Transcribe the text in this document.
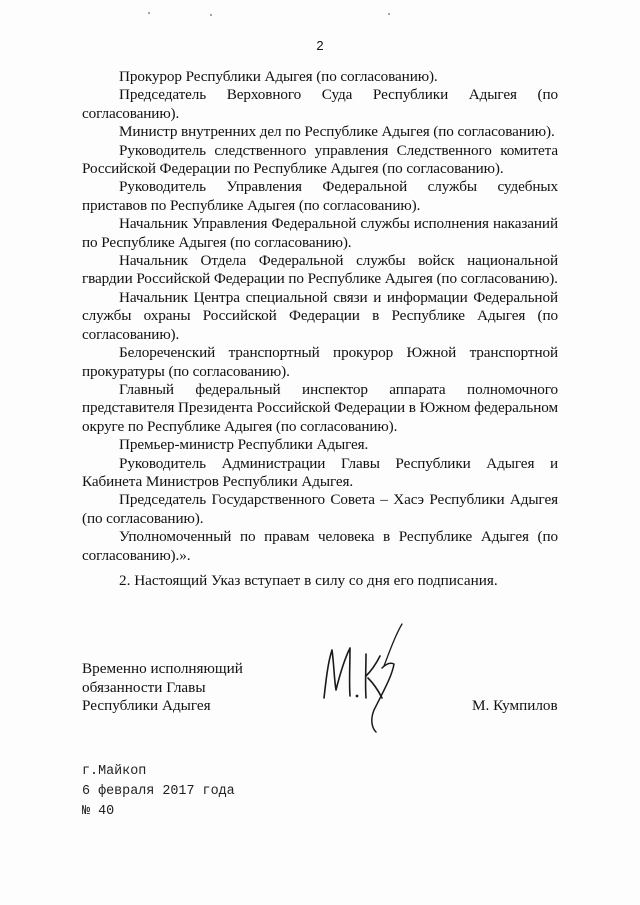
2

Прокурор Республики Адыгея (по согласованию).

Председатель Верховного Суда Республики Адыгея (по согласованию).

Министр внутренних дел по Республике Адыгея (по согласованию).

Руководитель следственного управления Следственного комитета Российской Федерации по Республике Адыгея (по согласованию).

Руководитель Управления Федеральной службы судебных приставов по Республике Адыгея (по согласованию).

Начальник Управления Федеральной службы исполнения наказаний по Республике Адыгея (по согласованию).

Начальник Отдела Федеральной службы войск национальной гвардии Российской Федерации по Республике Адыгея (по согласованию).

Начальник Центра специальной связи и информации Федеральной службы охраны Российской Федерации в Республике Адыгея (по согласованию).

Белореченский транспортный прокурор Южной транспортной прокуратуры (по согласованию).

Главный федеральный инспектор аппарата полномочного представителя Президента Российской Федерации в Южном федеральном округе по Республике Адыгея (по согласованию).

Премьер-министр Республики Адыгея.

Руководитель Администрации Главы Республики Адыгея и Кабинета Министров Республики Адыгея.

Председатель Государственного Совета – Хасэ Республики Адыгея (по согласованию).

Уполномоченный по правам человека в Республике Адыгея (по согласованию).».

2. Настоящий Указ вступает в силу со дня его подписания.

Временно исполняющий
обязанности Главы
Республики Адыгея	М. Кумпилов
г.Майкоп
6 февраля 2017 года
№ 40
